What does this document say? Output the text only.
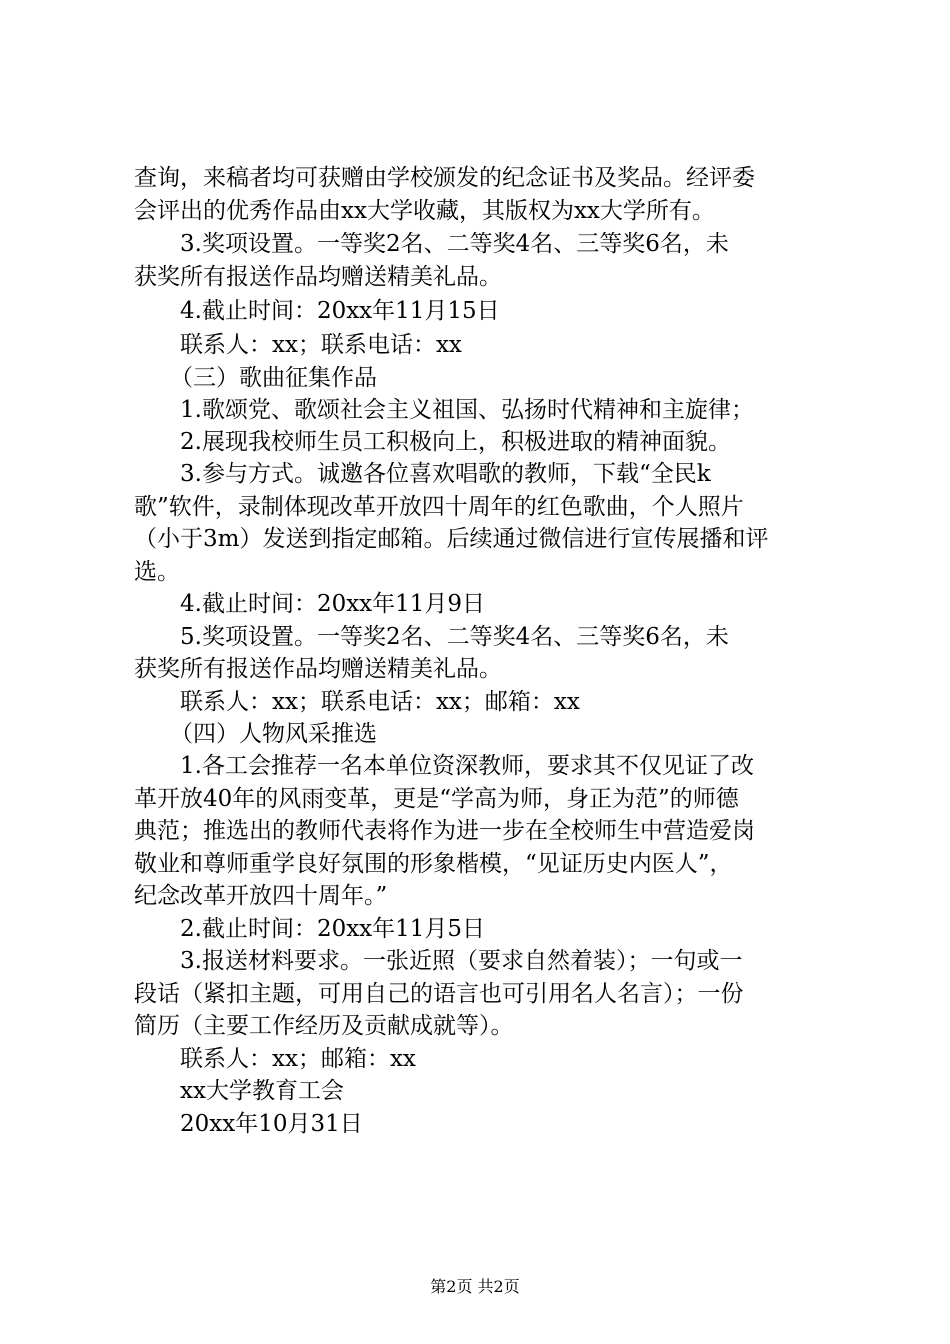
查询，来稿者均可获赠由学校颁发的纪念证书及奖品。经评委
会评出的优秀作品由xx大学收藏，其版权为xx大学所有。
3.奖项设置。一等奖2名、二等奖4名、三等奖6名，未
获奖所有报送作品均赠送精美礼品。
4.截止时间：20xx年11月15日
联系人：xx；联系电话：xx
（三）歌曲征集作品
1.歌颂党、歌颂社会主义祖国、弘扬时代精神和主旋律；
2.展现我校师生员工积极向上，积极进取的精神面貌。
3.参与方式。诚邀各位喜欢唱歌的教师，下载“全民k
歌”软件，录制体现改革开放四十周年的红色歌曲，个人照片
（小于3m）发送到指定邮箱。后续通过微信进行宣传展播和评
选。
4.截止时间：20xx年11月9日
5.奖项设置。一等奖2名、二等奖4名、三等奖6名，未
获奖所有报送作品均赠送精美礼品。
联系人：xx；联系电话：xx；邮箱：xx
（四）人物风采推选
1.各工会推荐一名本单位资深教师，要求其不仅见证了改
革开放40年的风雨变革，更是“学高为师，身正为范”的师德
典范；推选出的教师代表将作为进一步在全校师生中营造爱岗
敬业和尊师重学良好氛围的形象楷模，“见证历史内医人”，
纪念改革开放四十周年。”
2.截止时间：20xx年11月5日
3.报送材料要求。一张近照（要求自然着装）；一句或一
段话（紧扣主题，可用自己的语言也可引用名人名言）；一份
简历（主要工作经历及贡献成就等）。
联系人：xx；邮箱：xx
xx大学教育工会
20xx年10月31日
第2页 共2页
